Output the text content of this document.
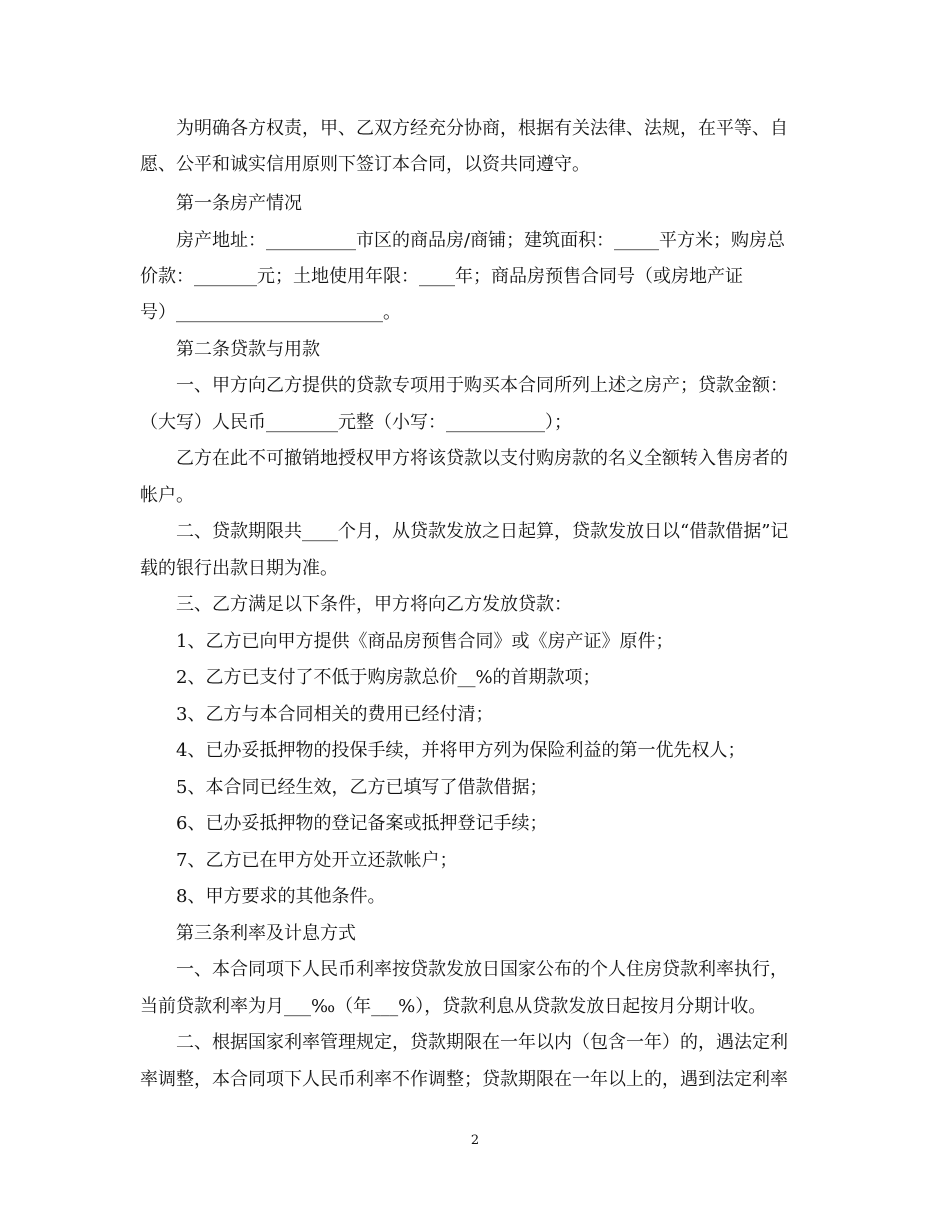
为明确各方权责，甲、乙双方经充分协商，根据有关法律、法规，在平等、自
愿、公平和诚实信用原则下签订本合同，以资共同遵守。
第一条房产情况
房产地址：__________市区的商品房/商铺；建筑面积：_____平方米；购房总
价款：_______元；土地使用年限：____年；商品房预售合同号（或房地产证
号）_______________________。
第二条贷款与用款
一、甲方向乙方提供的贷款专项用于购买本合同所列上述之房产；贷款金额：
（大写）人民币________元整（小写：___________）；
乙方在此不可撤销地授权甲方将该贷款以支付购房款的名义全额转入售房者的
帐户。
二、贷款期限共____个月，从贷款发放之日起算，贷款发放日以“借款借据”记
载的银行出款日期为准。
三、乙方满足以下条件，甲方将向乙方发放贷款：
1、乙方已向甲方提供《商品房预售合同》或《房产证》原件；
2、乙方已支付了不低于购房款总价__%的首期款项；
3、乙方与本合同相关的费用已经付清；
4、已办妥抵押物的投保手续，并将甲方列为保险利益的第一优先权人；
5、本合同已经生效，乙方已填写了借款借据；
6、已办妥抵押物的登记备案或抵押登记手续；
7、乙方已在甲方处开立还款帐户；
8、甲方要求的其他条件。
第三条利率及计息方式
一、本合同项下人民币利率按贷款发放日国家公布的个人住房贷款利率执行，
当前贷款利率为月___‰（年___%），贷款利息从贷款发放日起按月分期计收。
二、根据国家利率管理规定，贷款期限在一年以内（包含一年）的，遇法定利
率调整，本合同项下人民币利率不作调整；贷款期限在一年以上的，遇到法定利率
2
